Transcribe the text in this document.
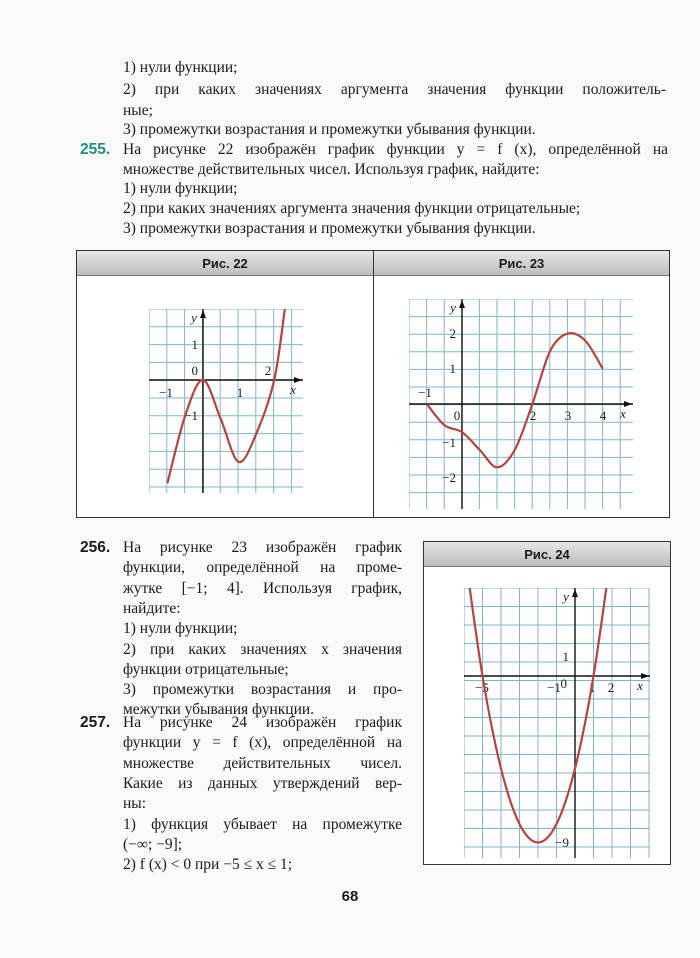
1) нули функции;
2) при каких значениях аргумента значения функции положитель-
ные;
3) промежутки возрастания и промежутки убывания функции.
255. На рисунке 22 изображён график функции y = f (x), определённой на
множестве действительных чисел. Используя график, найдите:
1) нули функции;
2) при каких значениях аргумента значения функции отрицательные;
3) промежутки возрастания и промежутки убывания функции.
Рис. 22	Рис. 23
x
y
−1
0
1
2
1
−1	x
y
−1
0	2 3 4
2
1
−1
−2
256. На рисунке 23 изображён график
функции, определённой на проме-
жутке [−1; 4]. Используя график,
найдите:
1) нули функции;
2) при каких значениях x значения
функции отрицательные;
3) промежутки возрастания и про-
межутки убывания функции.
257. На рисунке 24 изображён график
функции y = f (x), определённой на
множестве действительных чисел.
Какие из данных утверждений вер-
ны:
1) функция убывает на промежутке
(−∞; −9];
2) f (x) < 0 при −5 ≤ x ≤ 1;
Рис. 24
x
y
−5	−1 0 1 2
1
−9
68
